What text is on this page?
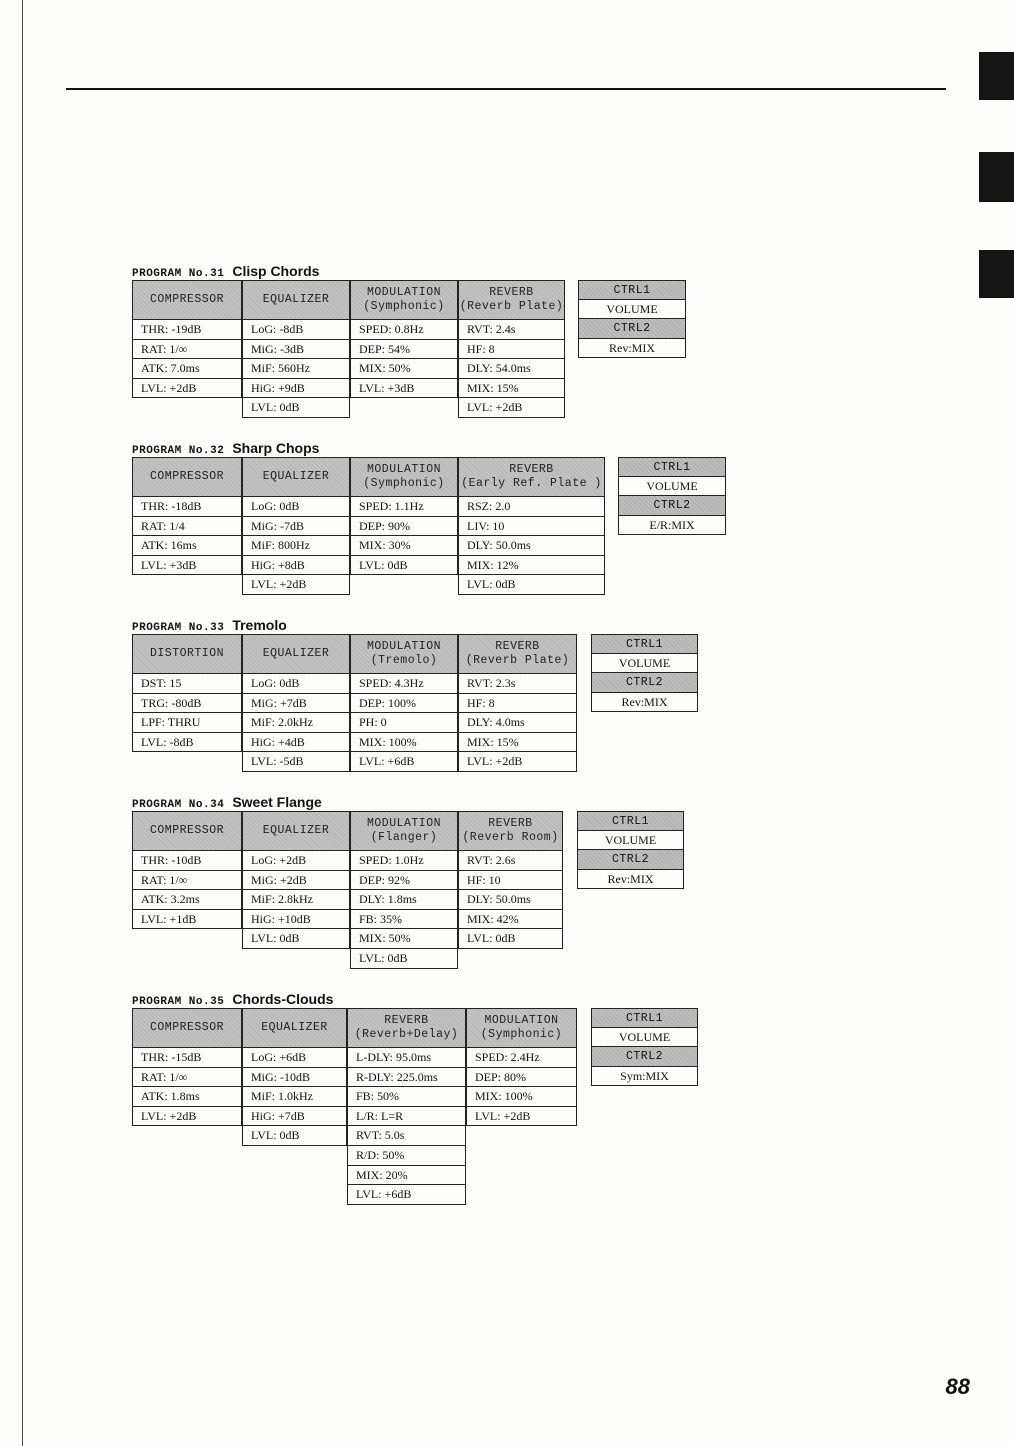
PROGRAM No.31 Clisp Chords
COMPRESSOR
THR: -19dB
RAT: 1/∞
ATK: 7.0ms
LVL: +2dB
EQUALIZER
LoG: -8dB
MiG: -3dB
MiF: 560Hz
HiG: +9dB
LVL: 0dB
MODULATION
(Symphonic)
SPED: 0.8Hz
DEP: 54%
MIX: 50%
LVL: +3dB
REVERB
(Reverb Plate)
RVT: 2.4s
HF: 8
DLY: 54.0ms
MIX: 15%
LVL: +2dB
CTRL1
VOLUME
CTRL2
Rev:MIX
PROGRAM No.32 Sharp Chops
COMPRESSOR
THR: -18dB
RAT: 1/4
ATK: 16ms
LVL: +3dB
EQUALIZER
LoG: 0dB
MiG: -7dB
MiF: 800Hz
HiG: +8dB
LVL: +2dB
MODULATION
(Symphonic)
SPED: 1.1Hz
DEP: 90%
MIX: 30%
LVL: 0dB
REVERB
(Early Ref. Plate )
RSZ: 2.0
LIV: 10
DLY: 50.0ms
MIX: 12%
LVL: 0dB
CTRL1
VOLUME
CTRL2
E/R:MIX
PROGRAM No.33 Tremolo
DISTORTION
DST: 15
TRG: -80dB
LPF: THRU
LVL: -8dB
EQUALIZER
LoG: 0dB
MiG: +7dB
MiF: 2.0kHz
HiG: +4dB
LVL: -5dB
MODULATION
(Tremolo)
SPED: 4.3Hz
DEP: 100%
PH: 0
MIX: 100%
LVL: +6dB
REVERB
(Reverb Plate)
RVT: 2.3s
HF: 8
DLY: 4.0ms
MIX: 15%
LVL: +2dB
CTRL1
VOLUME
CTRL2
Rev:MIX
PROGRAM No.34 Sweet Flange
COMPRESSOR
THR: -10dB
RAT: 1/∞
ATK: 3.2ms
LVL: +1dB
EQUALIZER
LoG: +2dB
MiG: +2dB
MiF: 2.8kHz
HiG: +10dB
LVL: 0dB
MODULATION
(Flanger)
SPED: 1.0Hz
DEP: 92%
DLY: 1.8ms
FB: 35%
MIX: 50%
LVL: 0dB
REVERB
(Reverb Room)
RVT: 2.6s
HF: 10
DLY: 50.0ms
MIX: 42%
LVL: 0dB
CTRL1
VOLUME
CTRL2
Rev:MIX
PROGRAM No.35 Chords-Clouds
COMPRESSOR
THR: -15dB
RAT: 1/∞
ATK: 1.8ms
LVL: +2dB
EQUALIZER
LoG: +6dB
MiG: -10dB
MiF: 1.0kHz
HiG: +7dB
LVL: 0dB
REVERB
(Reverb+Delay)
L-DLY: 95.0ms
R-DLY: 225.0ms
FB: 50%
L/R: L=R
RVT: 5.0s
R/D: 50%
MIX: 20%
LVL: +6dB
MODULATION
(Symphonic)
SPED: 2.4Hz
DEP: 80%
MIX: 100%
LVL: +2dB
CTRL1
VOLUME
CTRL2
Sym:MIX
88
